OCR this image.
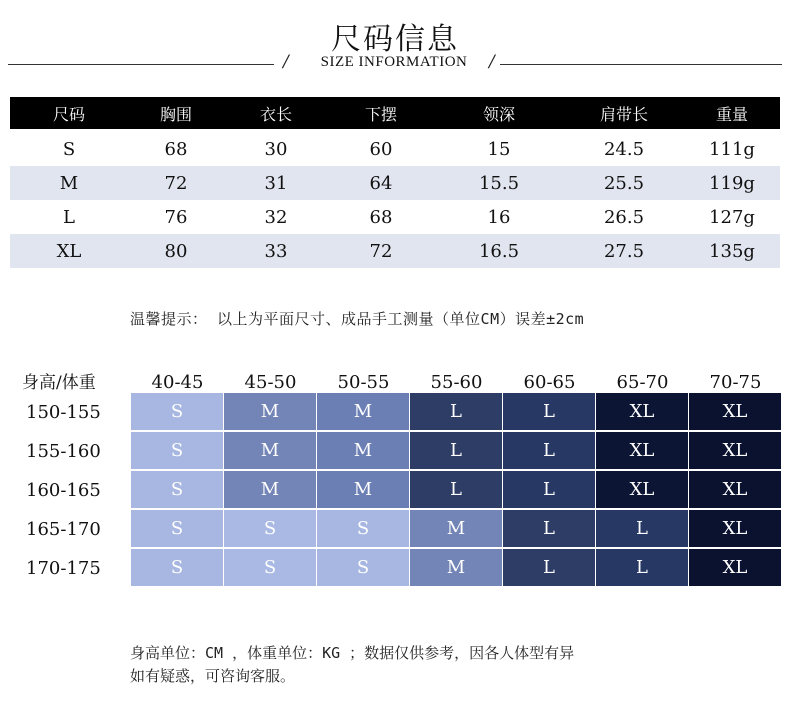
尺码信息
/	SIZE INFORMATION	/
尺码	胸围	衣长	下摆	领深	肩带长	重量
S	68	30	60	15	24.5	111g
M	72	31	64	15.5	25.5	119g
L	76	32	68	16	26.5	127g
XL	80	33	72	16.5	27.5	135g
温馨提示： 以上为平面尺寸、成品手工测量（单位CM）误差±2cm
身高/体重	40-45	45-50	50-55	55-60	60-65	65-70	70-75
150-155	S	M	M	L	L	XL	XL
155-160	S	M	M	L	L	XL	XL
160-165	S	M	M	L	L	XL	XL
165-170	S	S	S	M	L	L	XL
170-175	S	S	S	M	L	L	XL
身高单位：CM ，体重单位：KG ；数据仅供参考，因各人体型有异
如有疑惑，可咨询客服。
